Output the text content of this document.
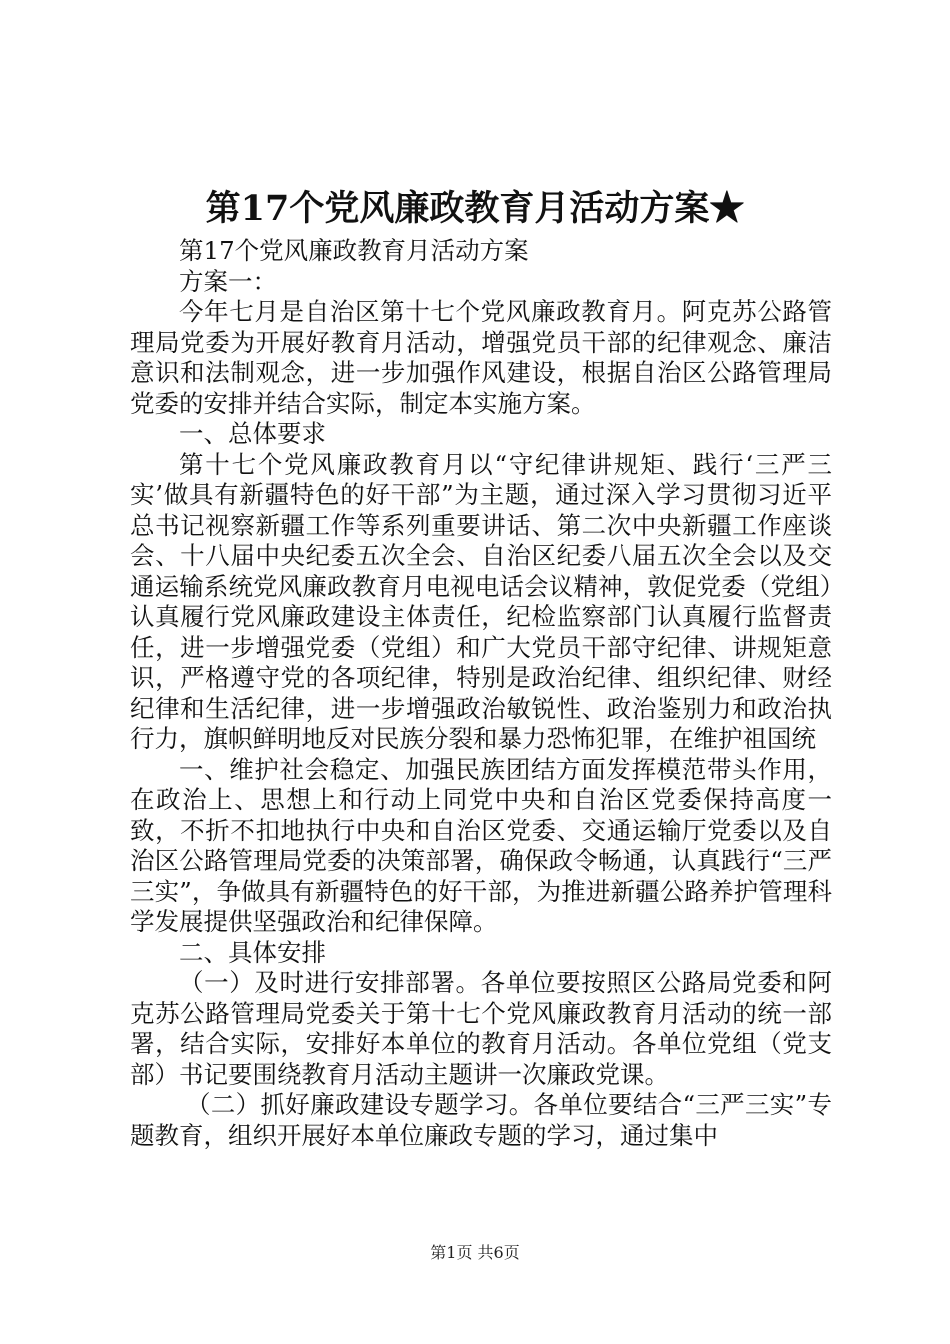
第17个党风廉政教育月活动方案★

第17个党风廉政教育月活动方案

方案一：

今年七月是自治区第十七个党风廉政教育月。阿克苏公路管理局党委为开展好教育月活动，增强党员干部的纪律观念、廉洁意识和法制观念，进一步加强作风建设，根据自治区公路管理局党委的安排并结合实际，制定本实施方案。

一、总体要求

第十七个党风廉政教育月以“守纪律讲规矩、践行‘三严三实’做具有新疆特色的好干部”为主题，通过深入学习贯彻习近平总书记视察新疆工作等系列重要讲话、第二次中央新疆工作座谈会、十八届中央纪委五次全会、自治区纪委八届五次全会以及交通运输系统党风廉政教育月电视电话会议精神，敦促党委（党组）认真履行党风廉政建设主体责任，纪检监察部门认真履行监督责任，进一步增强党委（党组）和广大党员干部守纪律、讲规矩意识，严格遵守党的各项纪律，特别是政治纪律、组织纪律、财经纪律和生活纪律，进一步增强政治敏锐性、政治鉴别力和政治执行力，旗帜鲜明地反对民族分裂和暴力恐怖犯罪，在维护祖国统

一、维护社会稳定、加强民族团结方面发挥模范带头作用，在政治上、思想上和行动上同党中央和自治区党委保持高度一致，不折不扣地执行中央和自治区党委、交通运输厅党委以及自治区公路管理局党委的决策部署，确保政令畅通，认真践行“三严三实”，争做具有新疆特色的好干部，为推进新疆公路养护管理科学发展提供坚强政治和纪律保障。

二、具体安排

（一）及时进行安排部署。各单位要按照区公路局党委和阿克苏公路管理局党委关于第十七个党风廉政教育月活动的统一部署，结合实际，安排好本单位的教育月活动。各单位党组（党支部）书记要围绕教育月活动主题讲一次廉政党课。

（二）抓好廉政建设专题学习。各单位要结合“三严三实”专题教育，组织开展好本单位廉政专题的学习，通过集中

第1页 共6页
